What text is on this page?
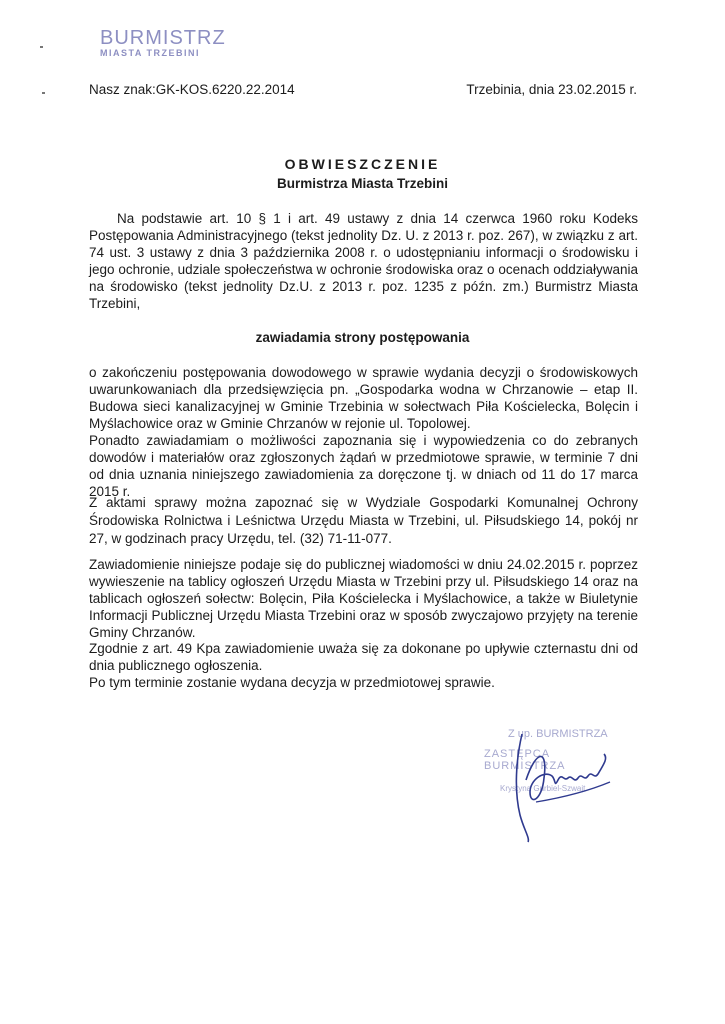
BURMISTRZ
MIASTA TRZEBINI
Nasz znak:GK-KOS.6220.22.2014	Trzebinia, dnia 23.02.2015 r.
OBWIESZCZENIE
Burmistrza Miasta Trzebini

Na podstawie art. 10 § 1 i art. 49 ustawy z dnia 14 czerwca 1960 roku Kodeks Postępowania Administracyjnego (tekst jednolity Dz. U. z 2013 r. poz. 267), w związku z art. 74 ust. 3 ustawy z dnia 3 października 2008 r. o udostępnianiu informacji o środowisku i jego ochronie, udziale społeczeństwa w ochronie środowiska oraz o ocenach oddziaływania na środowisko (tekst jednolity Dz.U. z 2013 r. poz. 1235 z późn. zm.) Burmistrz Miasta Trzebini,

zawiadamia strony postępowania

o zakończeniu postępowania dowodowego w sprawie wydania decyzji o środowiskowych uwarunkowaniach dla przedsięwzięcia pn. „Gospodarka wodna w Chrzanowie – etap II. Budowa sieci kanalizacyjnej w Gminie Trzebinia w sołectwach Piła Kościelecka, Bolęcin i Myślachowice oraz w Gminie Chrzanów w rejonie ul. Topolowej.

Ponadto zawiadamiam o możliwości zapoznania się i wypowiedzenia co do zebranych dowodów i materiałów oraz zgłoszonych żądań w przedmiotowe sprawie, w terminie 7 dni od dnia uznania niniejszego zawiadomienia za doręczone tj. w dniach od 11 do 17 marca 2015 r.

Z aktami sprawy można zapoznać się w Wydziale Gospodarki Komunalnej Ochrony Środowiska Rolnictwa i Leśnictwa Urzędu Miasta w Trzebini, ul. Piłsudskiego 14, pokój nr 27, w godzinach pracy Urzędu, tel. (32) 71-11-077.

Zawiadomienie niniejsze podaje się do publicznej wiadomości w dniu 24.02.2015 r. poprzez wywieszenie na tablicy ogłoszeń Urzędu Miasta w Trzebini przy ul. Piłsudskiego 14 oraz na tablicach ogłoszeń sołectw: Bolęcin, Piła Kościelecka i Myślachowice, a także w Biuletynie Informacji Publicznej Urzędu Miasta Trzebini oraz w sposób zwyczajowo przyjęty na terenie Gminy Chrzanów.

Zgodnie z art. 49 Kpa zawiadomienie uważa się za dokonane po upływie czternastu dni od dnia publicznego ogłoszenia.

Po tym terminie zostanie wydana decyzja w przedmiotowej sprawie.

Z up. BURMISTRZA
ZASTĘPCA BURMISTRZA
Krystyna Gurbiel-Szwajt
